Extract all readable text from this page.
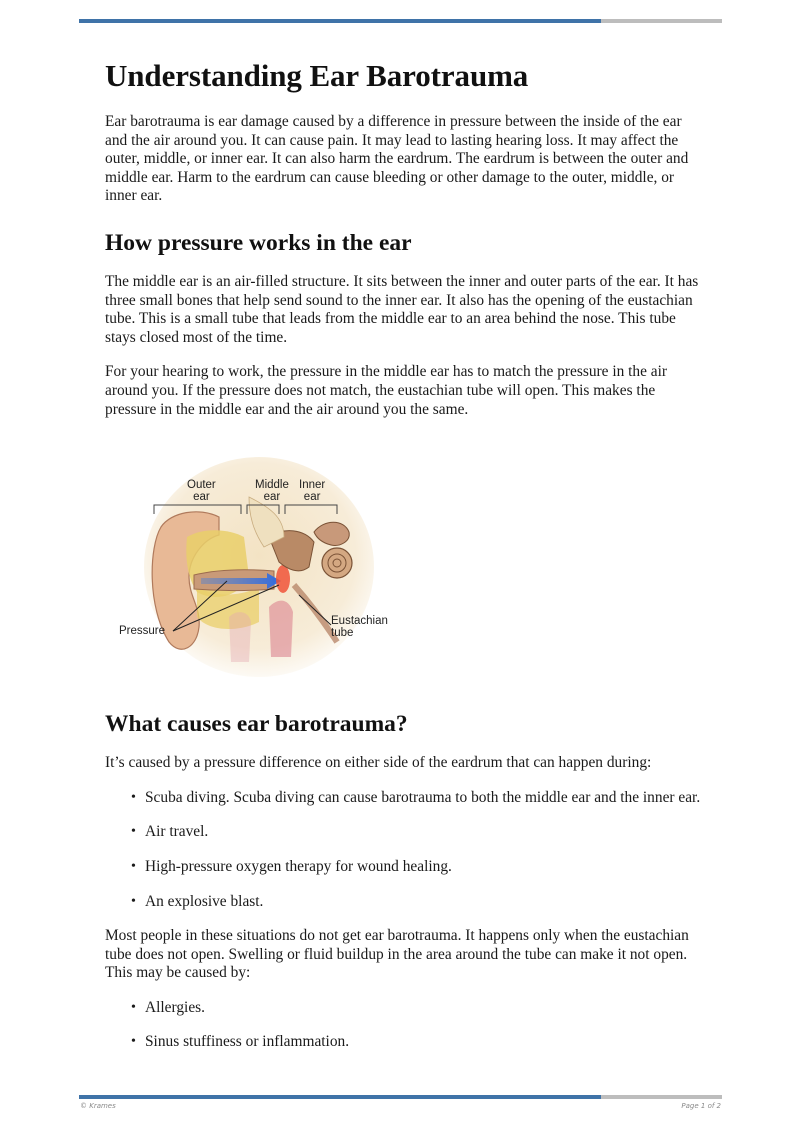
Understanding Ear Barotrauma

Ear barotrauma is ear damage caused by a difference in pressure between the inside of the ear and the air around you. It can cause pain. It may lead to lasting hearing loss. It may affect the outer, middle, or inner ear. It can also harm the eardrum. The eardrum is between the outer and middle ear. Harm to the eardrum can cause bleeding or other damage to the outer, middle, or inner ear.

How pressure works in the ear

The middle ear is an air-filled structure. It sits between the inner and outer parts of the ear. It has three small bones that help send sound to the inner ear. It also has the opening of the eustachian tube. This is a small tube that leads from the middle ear to an area behind the nose. This tube stays closed most of the time.

For your hearing to work, the pressure in the middle ear has to match the pressure in the air around you. If the pressure does not match, the eustachian tube will open. This makes the pressure in the middle ear and the air around you the same.

Outer
ear
Middle
ear
Inner
ear
Pressure
Eustachian
tube
What causes ear barotrauma?

It’s caused by a pressure difference on either side of the eardrum that can happen during:

• Scuba diving. Scuba diving can cause barotrauma to both the middle ear and the inner ear.
• Air travel.
• High-pressure oxygen therapy for wound healing.
• An explosive blast.

Most people in these situations do not get ear barotrauma. It happens only when the eustachian tube does not open. Swelling or fluid buildup in the area around the tube can make it not open. This may be caused by:

• Allergies.
• Sinus stuffiness or inflammation.
© Krames	Page 1 of 2
